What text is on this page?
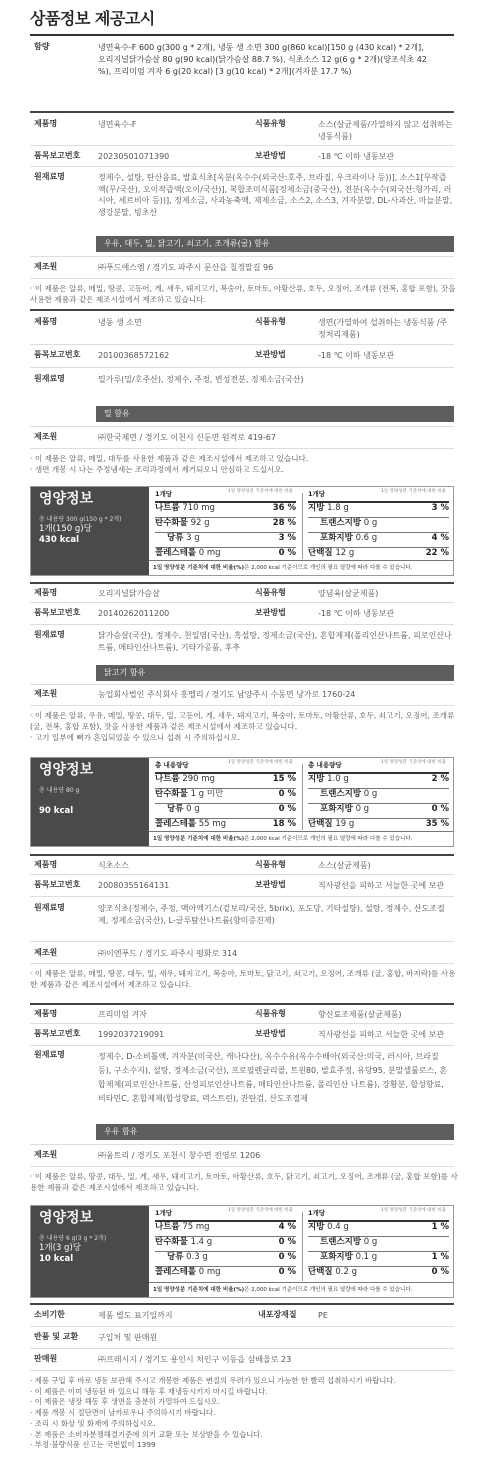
상품정보 제공고시
함량	냉면육수-F 600 g(300 g * 2개), 냉동 생 소면 300 g(860 kcal)[150 g (430 kcal) * 2개], 오리지널닭가슴살 80 g(90 kcal)(닭가슴살 88.7 %), 식초소스 12 g(6 g * 2개)(양조식초 42 %), 프리미엄 겨자 6 g(20 kcal) [3 g(10 kcal) * 2개](겨자분 17.7 %)
제품명	냉면육수-F	식품유형	소스(살균제품/가열하지 않고 섭취하는 냉동식품)
품목보고번호 20230501071390	보관방법	-18 ℃ 이하 냉동보관
원재료명	정제수, 설탕, 탄산음료, 발효식초[옥분(옥수수(외국산:호주, 브라질, 우크라이나 등))], 소스1[무작즙액(무/국산), 오이작즙액(오이/국산)], 복합조미식품[정제소금(중국산), 전분(옥수수(외국산:헝가리, 러시아, 세르비아 등))], 정제소금, 사과농축액, 재제소금, 소스2, 소스3, 겨자분말, DL-사과산, 마늘분말, 생강분말, 빙초산
우유, 대두, 밀, 닭고기, 쇠고기, 조개류(굴) 함유
제조원	㈜푸드에스엠 / 경기도 파주시 문산읍 칠정말길 96
· 이 제품은 알류, 메밀, 땅콩, 고등어, 게, 새우, 돼지고기, 복숭아, 토마토, 아황산류, 호두, 오징어, 조개류 (전복, 홍합 포함), 잣을 사용한 제품과 같은 제조시설에서 제조하고 있습니다.
제품명	냉동 생 소면	식품유형	생면(가열하여 섭취하는 냉동식품 /주정처리제품)
품목보고번호 20100368572162	보관방법	-18 ℃ 이하 냉동보관
원재료명	밀가루(밀/호주산), 정제수, 주정, 변성전분, 정제소금(국산)
밀 함유
제조원	㈜한국제면 / 경기도 이천시 신둔면 원적로 419-67
· 이 제품은 알류, 메밀, 대두를 사용한 제품과 같은 제조시설에서 제조하고 있습니다.
· 생면 개봉 시 나는 주정냄새는 조리과정에서 제거되오니 안심하고 드십시오.
영양정보
총 내용량 300 g(150 g * 2개)
1개(150 g)당
430 kcal
1개당	1일 영양성분 기준치에 대한 비율
나트륨 710 mg	36 %
탄수화물 92 g	28 %
당류 3 g	3 %
콜레스테롤 0 mg	0 %
1개당	1일 영양성분 기준치에 대한 비율
지방 1.8 g	3 %
트랜스지방 0 g
포화지방 0.6 g	4 %
단백질 12 g	22 %
1일 영양성분 기준치에 대한 비율(%)은 2,000 kcal 기준이므로 개인의 필요 열량에 따라 다를 수 있습니다.
제품명	오리지널닭가슴살	식품유형	양념육(살균제품)
품목보고번호 20140262011200	보관방법	-18 ℃ 이하 냉동보관
원재료명	닭가슴살(국산), 정제수, 천일염(국산), 흑설탕, 정제소금(국산), 혼합제제(폴리인산나트륨, 피로인산나트륨, 메타인산나트륨), 기타가공품, 후추
닭고기 함유
제조원	농업회사법인 주식회사 흥멜리 / 경기도 남양주시 수동면 낭가로 1760-24
· 이 제품은 알류, 우유, 메밀, 땅콩, 대두, 밀, 고등어, 게, 새우, 돼지고기, 복숭아, 토마토, 아황산류, 호두, 쇠고기, 오징어, 조개류(굴, 전복, 홍합 포함), 잣을 사용한 제품과 같은 제조시설에서 제조하고 있습니다.
· 고기 일부에 뼈가 혼입되었을 수 있으니 섭취 시 주의하십시오.
영양정보
총 내용량 80 g
90 kcal
총 내용량당	1일 영양성분 기준치에 대한 비율
나트륨 290 mg	15 %
탄수화물 1 g 미만	0 %
당류 0 g	0 %
콜레스테롤 55 mg	18 %
총 내용량당	1일 영양성분 기준치에 대한 비율
지방 1.0 g	2 %
트랜스지방 0 g
포화지방 0 g	0 %
단백질 19 g	35 %
1일 영양성분 기준치에 대한 비율(%)은 2,000 kcal 기준이므로 개인의 필요 열량에 따라 다를 수 있습니다.
제품명	식초소스	식품유형	소스(살균제품)
품목보고번호 20080355164131	보관방법	직사광선을 피하고 서늘한 곳에 보관
원재료명	양조식초(정제수, 주정, 맥아엑기스(겉보리/국산, 5brix), 포도당, 기타설탕), 설탕, 정제수, 산도조절제, 정제소금(국산), L-글루탐산나트륨(향미증진제)
제조원	㈜이엔푸드 / 경기도 파주시 평화로 314
· 이 제품은 알류, 메밀, 땅콩, 대두, 밀, 새우, 돼지고기, 복숭아, 토마토, 닭고기, 쇠고기, 오징어, 조개류 (굴, 홍합, 바지락)를 사용한 제품과 같은 제조시설에서 제조하고 있습니다.
제품명	프리미엄 겨자	식품유형	향신료조제품(살균제품)
품목보고번호 1992037219091	보관방법	직사광선을 피하고 서늘한 곳에 보관
원재료명	정제수, D-소비톨액, 겨자분(미국산, 캐나다산), 옥수수유(옥수수배아(외국산:미국, 러시아, 브라질 등), 구소수지), 설탕, 정제소금(국산), 프로필렌글리콜, 트윈80, 발효주정, 유당95, 분말셀룰로스, 혼합제제(피로인산나트륨, 산성피로인산나트륨, 메타인산나트륨, 폴리인산 나트륨), 강황분, 합성향료, 비타민C, 혼합제제(합성향료, 덱스트린), 잔탄검, 산도조절제
우유 함유
제조원	㈜움트리 / 경기도 포천시 창수면 전영로 1206
· 이 제품은 알류, 땅콩, 대두, 밀, 게, 새우, 돼지고기, 토마토, 아황산류, 호두, 닭고기, 쇠고기, 오징어, 조개류 (굴, 홍합 포함)를 사용한 제품과 같은 제조시설에서 제조하고 있습니다.
영양정보
총 내용량 6 g(3 g * 2개)
1개(3 g)당
10 kcal
1개당	1일 영양성분 기준치에 대한 비율
나트륨 75 mg	4 %
탄수화물 1.4 g	0 %
당류 0.3 g	0 %
콜레스테롤 0 mg	0 %
1개당	1일 영양성분 기준치에 대한 비율
지방 0.4 g	1 %
트랜스지방 0 g
포화지방 0.1 g	1 %
단백질 0.2 g	0 %
1일 영양성분 기준치에 대한 비율(%)은 2,000 kcal 기준이므로 개인의 필요 열량에 따라 다를 수 있습니다.
소비기한	제품 별도 표기일까지	내포장재질	PE
반품 및 교환 구입처 및 판매원
판매원	㈜프레시지 / 경기도 용인시 처인구 이동읍 삼배울로 23
· 제품 구입 후 바로 냉동 보관해 주시고 개봉한 제품은 변질의 우려가 있으니 가능한 한 빨리 섭취하시기 바랍니다.
· 이 제품은 이미 냉동된 바 있으니 해동 후 재냉동시키지 마시길 바랍니다.
· 이 제품은 냉장 해동 후 생면을 충분히 가열하여 드십시오.
· 제품 개봉 시 절단면이 날카로우니 주의하시기 바랍니다.
· 조리 시 화상 및 화재에 주의하십시오.
· 본 제품은 소비자분쟁해결기준에 의거 교환 또는 보상받을 수 있습니다.
· 부정·불량식품 신고는 국번없이 1399
